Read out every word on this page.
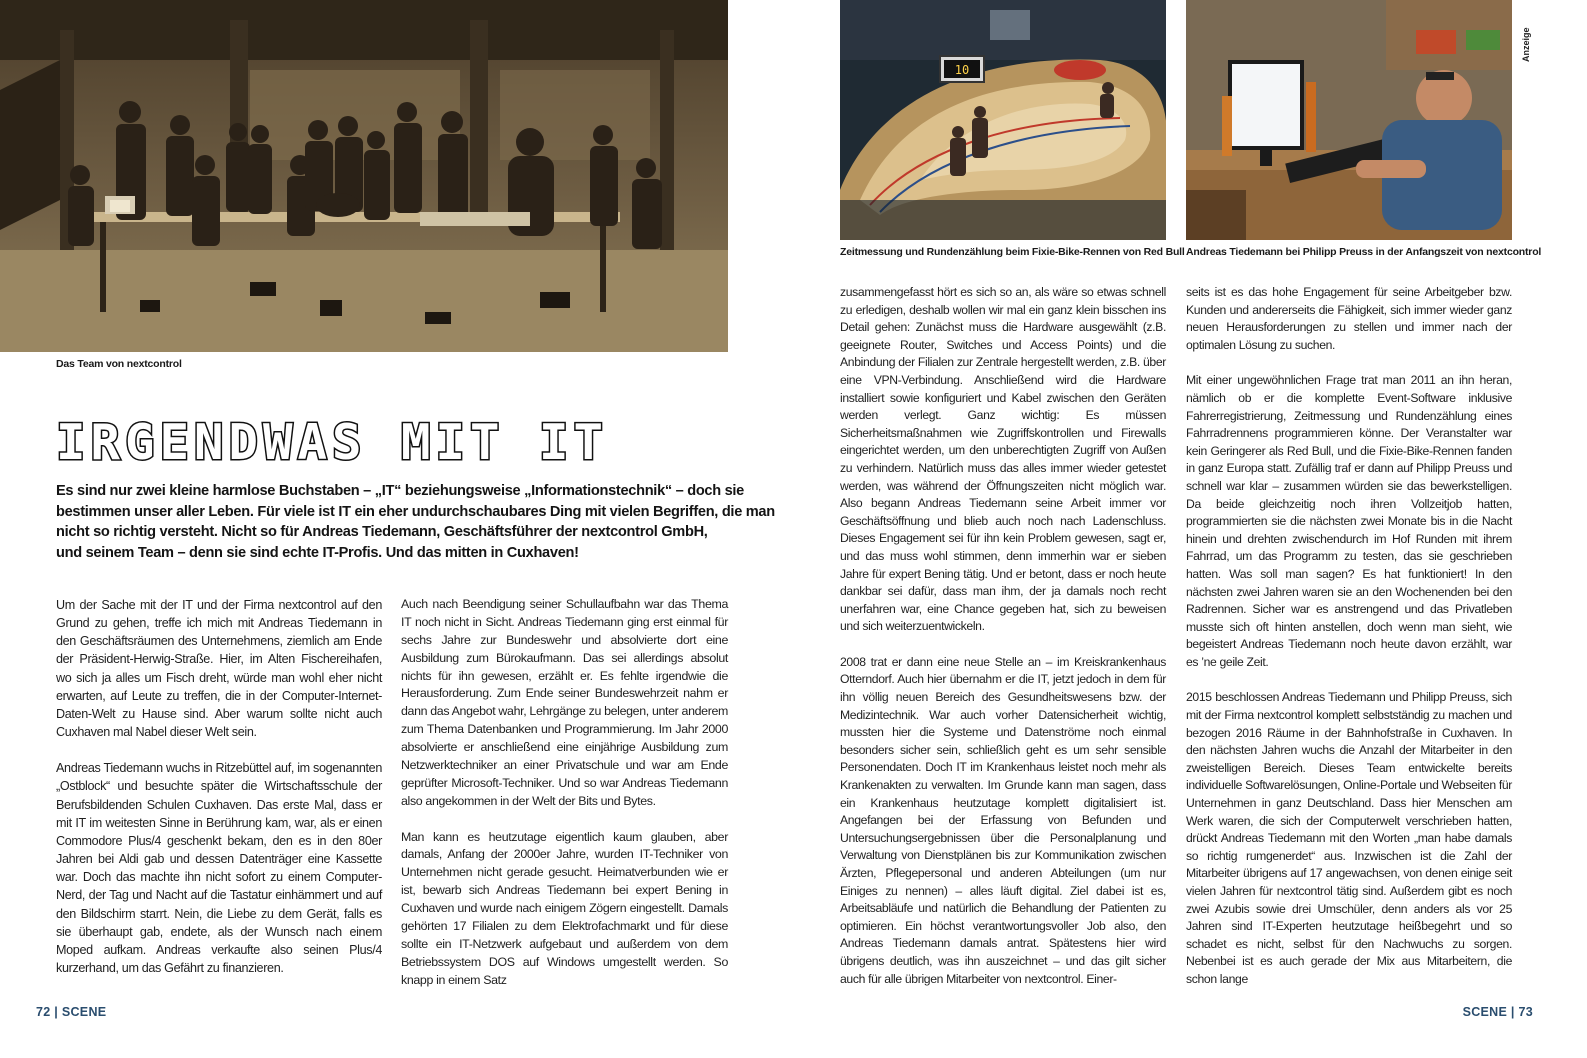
Das Team von nextcontrol
10
Zeitmessung und Rundenzählung beim Fixie-Bike-Rennen von Red Bull Andreas Tiedemann bei Philipp Preuss in der Anfangszeit von nextcontrol
Anzeige
IRGENDWAS MIT IT
Es sind nur zwei kleine harmlose Buchstaben – „IT“ beziehungsweise „Informationstechnik“ – doch sie
bestimmen unser aller Leben. Für viele ist IT ein eher undurchschaubares Ding mit vielen Begriffen, die man
nicht so richtig versteht. Nicht so für Andreas Tiedemann, Geschäftsführer der nextcontrol GmbH,
und seinem Team – denn sie sind echte IT-Profis. Und das mitten in Cuxhaven!

Um der Sache mit der IT und der Firma nextcontrol auf den Grund zu gehen, treffe ich mich mit Andreas Tiedemann in den Geschäftsräumen des Unternehmens, ziemlich am Ende der Präsident-Herwig-Straße. Hier, im Alten Fischereihafen, wo sich ja alles um Fisch dreht, würde man wohl eher nicht erwarten, auf Leute zu treffen, die in der Computer-Internet-Daten-Welt zu Hause sind. Aber warum sollte nicht auch Cuxhaven mal Nabel dieser Welt sein.

Andreas Tiedemann wuchs in Ritzebüttel auf, im sogenannten „Ostblock“ und besuchte später die Wirtschaftsschule der Berufsbildenden Schulen Cuxhaven. Das erste Mal, dass er mit IT im weitesten Sinne in Berührung kam, war, als er einen Commodore Plus/4 geschenkt bekam, den es in den 80er Jahren bei Aldi gab und dessen Datenträger eine Kassette war. Doch das machte ihn nicht sofort zu einem Computer-Nerd, der Tag und Nacht auf die Tastatur einhämmert und auf den Bildschirm starrt. Nein, die Liebe zu dem Gerät, falls es sie überhaupt gab, endete, als der Wunsch nach einem Moped aufkam. Andreas verkaufte also seinen Plus/4 kurzerhand, um das Gefährt zu finanzieren.

Auch nach Beendigung seiner Schullaufbahn war das Thema IT noch nicht in Sicht. Andreas Tiedemann ging erst einmal für sechs Jahre zur Bundeswehr und absolvierte dort eine Ausbildung zum Bürokaufmann. Das sei allerdings absolut nichts für ihn gewesen, erzählt er. Es fehlte irgendwie die Herausforderung. Zum Ende seiner Bundeswehrzeit nahm er dann das Angebot wahr, Lehrgänge zu belegen, unter anderem zum Thema Datenbanken und Programmierung. Im Jahr 2000 absolvierte er anschließend eine einjährige Ausbildung zum Netzwerktechniker an einer Privatschule und war am Ende geprüfter Microsoft-Techniker. Und so war Andreas Tiedemann also angekommen in der Welt der Bits und Bytes.

Man kann es heutzutage eigentlich kaum glauben, aber damals, Anfang der 2000er Jahre, wurden IT-Techniker von Unternehmen nicht gerade gesucht. Heimatverbunden wie er ist, bewarb sich Andreas Tiedemann bei expert Bening in Cuxhaven und wurde nach einigem Zögern eingestellt. Damals gehörten 17 Filialen zu dem Elektrofachmarkt und für diese sollte ein IT-Netzwerk aufgebaut und außerdem von dem Betriebssystem DOS auf Windows umgestellt werden. So knapp in einem Satz

zusammengefasst hört es sich so an, als wäre so etwas schnell zu erledigen, deshalb wollen wir mal ein ganz klein bisschen ins Detail gehen: Zunächst muss die Hardware ausgewählt (z.B. geeignete Router, Switches und Access Points) und die Anbindung der Filialen zur Zentrale hergestellt werden, z.B. über eine VPN-Verbindung. Anschließend wird die Hardware installiert sowie konfiguriert und Kabel zwischen den Geräten werden verlegt. Ganz wichtig: Es müssen Sicherheitsmaßnahmen wie Zugriffskontrollen und Firewalls eingerichtet werden, um den unberechtigten Zugriff von Außen zu verhindern. Natürlich muss das alles immer wieder getestet werden, was während der Öffnungszeiten nicht möglich war. Also begann Andreas Tiedemann seine Arbeit immer vor Geschäftsöffnung und blieb auch noch nach Ladenschluss. Dieses Engagement sei für ihn kein Problem gewesen, sagt er, und das muss wohl stimmen, denn immerhin war er sieben Jahre für expert Bening tätig. Und er betont, dass er noch heute dankbar sei dafür, dass man ihm, der ja damals noch recht unerfahren war, eine Chance gegeben hat, sich zu beweisen und sich weiterzuentwickeln.

2008 trat er dann eine neue Stelle an – im Kreiskrankenhaus Otterndorf. Auch hier übernahm er die IT, jetzt jedoch in dem für ihn völlig neuen Bereich des Gesundheitswesens bzw. der Medizintechnik. War auch vorher Datensicherheit wichtig, mussten hier die Systeme und Datenströme noch einmal besonders sicher sein, schließlich geht es um sehr sensible Personendaten. Doch IT im Krankenhaus leistet noch mehr als Krankenakten zu verwalten. Im Grunde kann man sagen, dass ein Krankenhaus heutzutage komplett digitalisiert ist. Angefangen bei der Erfassung von Befunden und Untersuchungsergebnissen über die Personalplanung und Verwaltung von Dienstplänen bis zur Kommunikation zwischen Ärzten, Pflegepersonal und anderen Abteilungen (um nur Einiges zu nennen) – alles läuft digital. Ziel dabei ist es, Arbeitsabläufe und natürlich die Behandlung der Patienten zu optimieren. Ein höchst verantwortungsvoller Job also, den Andreas Tiedemann damals antrat. Spätestens hier wird übrigens deutlich, was ihn auszeichnet – und das gilt sicher auch für alle übrigen Mitarbeiter von nextcontrol. Einer-

seits ist es das hohe Engagement für seine Arbeitgeber bzw. Kunden und andererseits die Fähigkeit, sich immer wieder ganz neuen Herausforderungen zu stellen und immer nach der optimalen Lösung zu suchen.

Mit einer ungewöhnlichen Frage trat man 2011 an ihn heran, nämlich ob er die komplette Event-Software inklusive Fahrerregistrierung, Zeitmessung und Rundenzählung eines Fahrradrennens programmieren könne. Der Veranstalter war kein Geringerer als Red Bull, und die Fixie-Bike-Rennen fanden in ganz Europa statt. Zufällig traf er dann auf Philipp Preuss und schnell war klar – zusammen würden sie das bewerkstelligen. Da beide gleichzeitig noch ihren Vollzeitjob hatten, programmierten sie die nächsten zwei Monate bis in die Nacht hinein und drehten zwischendurch im Hof Runden mit ihrem Fahrrad, um das Programm zu testen, das sie geschrieben hatten. Was soll man sagen? Es hat funktioniert! In den nächsten zwei Jahren waren sie an den Wochenenden bei den Radrennen. Sicher war es anstrengend und das Privatleben musste sich oft hinten anstellen, doch wenn man sieht, wie begeistert Andreas Tiedemann noch heute davon erzählt, war es ’ne geile Zeit.

2015 beschlossen Andreas Tiedemann und Philipp Preuss, sich mit der Firma nextcontrol komplett selbstständig zu machen und bezogen 2016 Räume in der Bahnhofstraße in Cuxhaven. In den nächsten Jahren wuchs die Anzahl der Mitarbeiter in den zweistelligen Bereich. Dieses Team entwickelte bereits individuelle Softwarelösungen, Online-Portale und Webseiten für Unternehmen in ganz Deutschland. Dass hier Menschen am Werk waren, die sich der Computerwelt verschrieben hatten, drückt Andreas Tiedemann mit den Worten „man habe damals so richtig rumgenerdet“ aus. Inzwischen ist die Zahl der Mitarbeiter übrigens auf 17 angewachsen, von denen einige seit vielen Jahren für nextcontrol tätig sind. Außerdem gibt es noch zwei Azubis sowie drei Umschüler, denn anders als vor 25 Jahren sind IT-Experten heutzutage heißbegehrt und so schadet es nicht, selbst für den Nachwuchs zu sorgen. Nebenbei ist es auch gerade der Mix aus Mitarbeitern, die schon lange

72 | SCENE	SCENE | 73
